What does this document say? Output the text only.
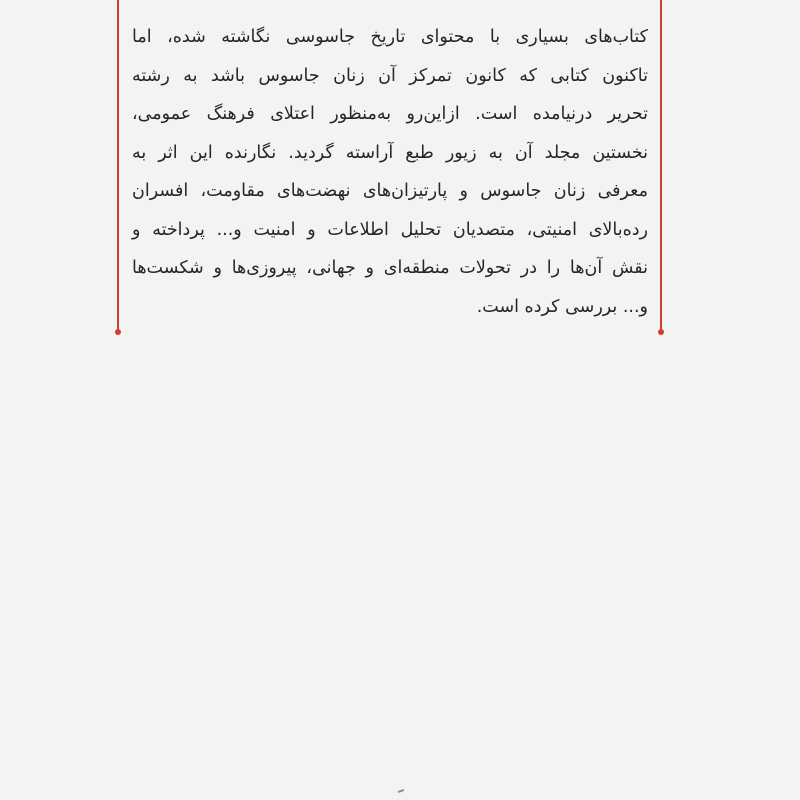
کتاب‌های بسیاری با محتوای تاریخ جاسوسی نگاشته شده، اما
تاکنون کتابی که کانون تمرکز آن زنان جاسوس باشد به رشته
تحریر درنیامده است. ازاین‌رو به‌منظور اعتلای فرهنگ عمومی،
نخستین مجلد آن به زیور طبع آراسته گردید. نگارنده این اثر به
معرفی زنان جاسوس و پارتیزان‌های نهضت‌های مقاومت، افسران
رده‌بالای امنیتی، متصدیان تحلیل اطلاعات و امنیت و... پرداخته و
نقش آن‌ها را در تحولات منطقه‌ای و جهانی، پیروزی‌ها و شکست‌ها
و... بررسی کرده است.
